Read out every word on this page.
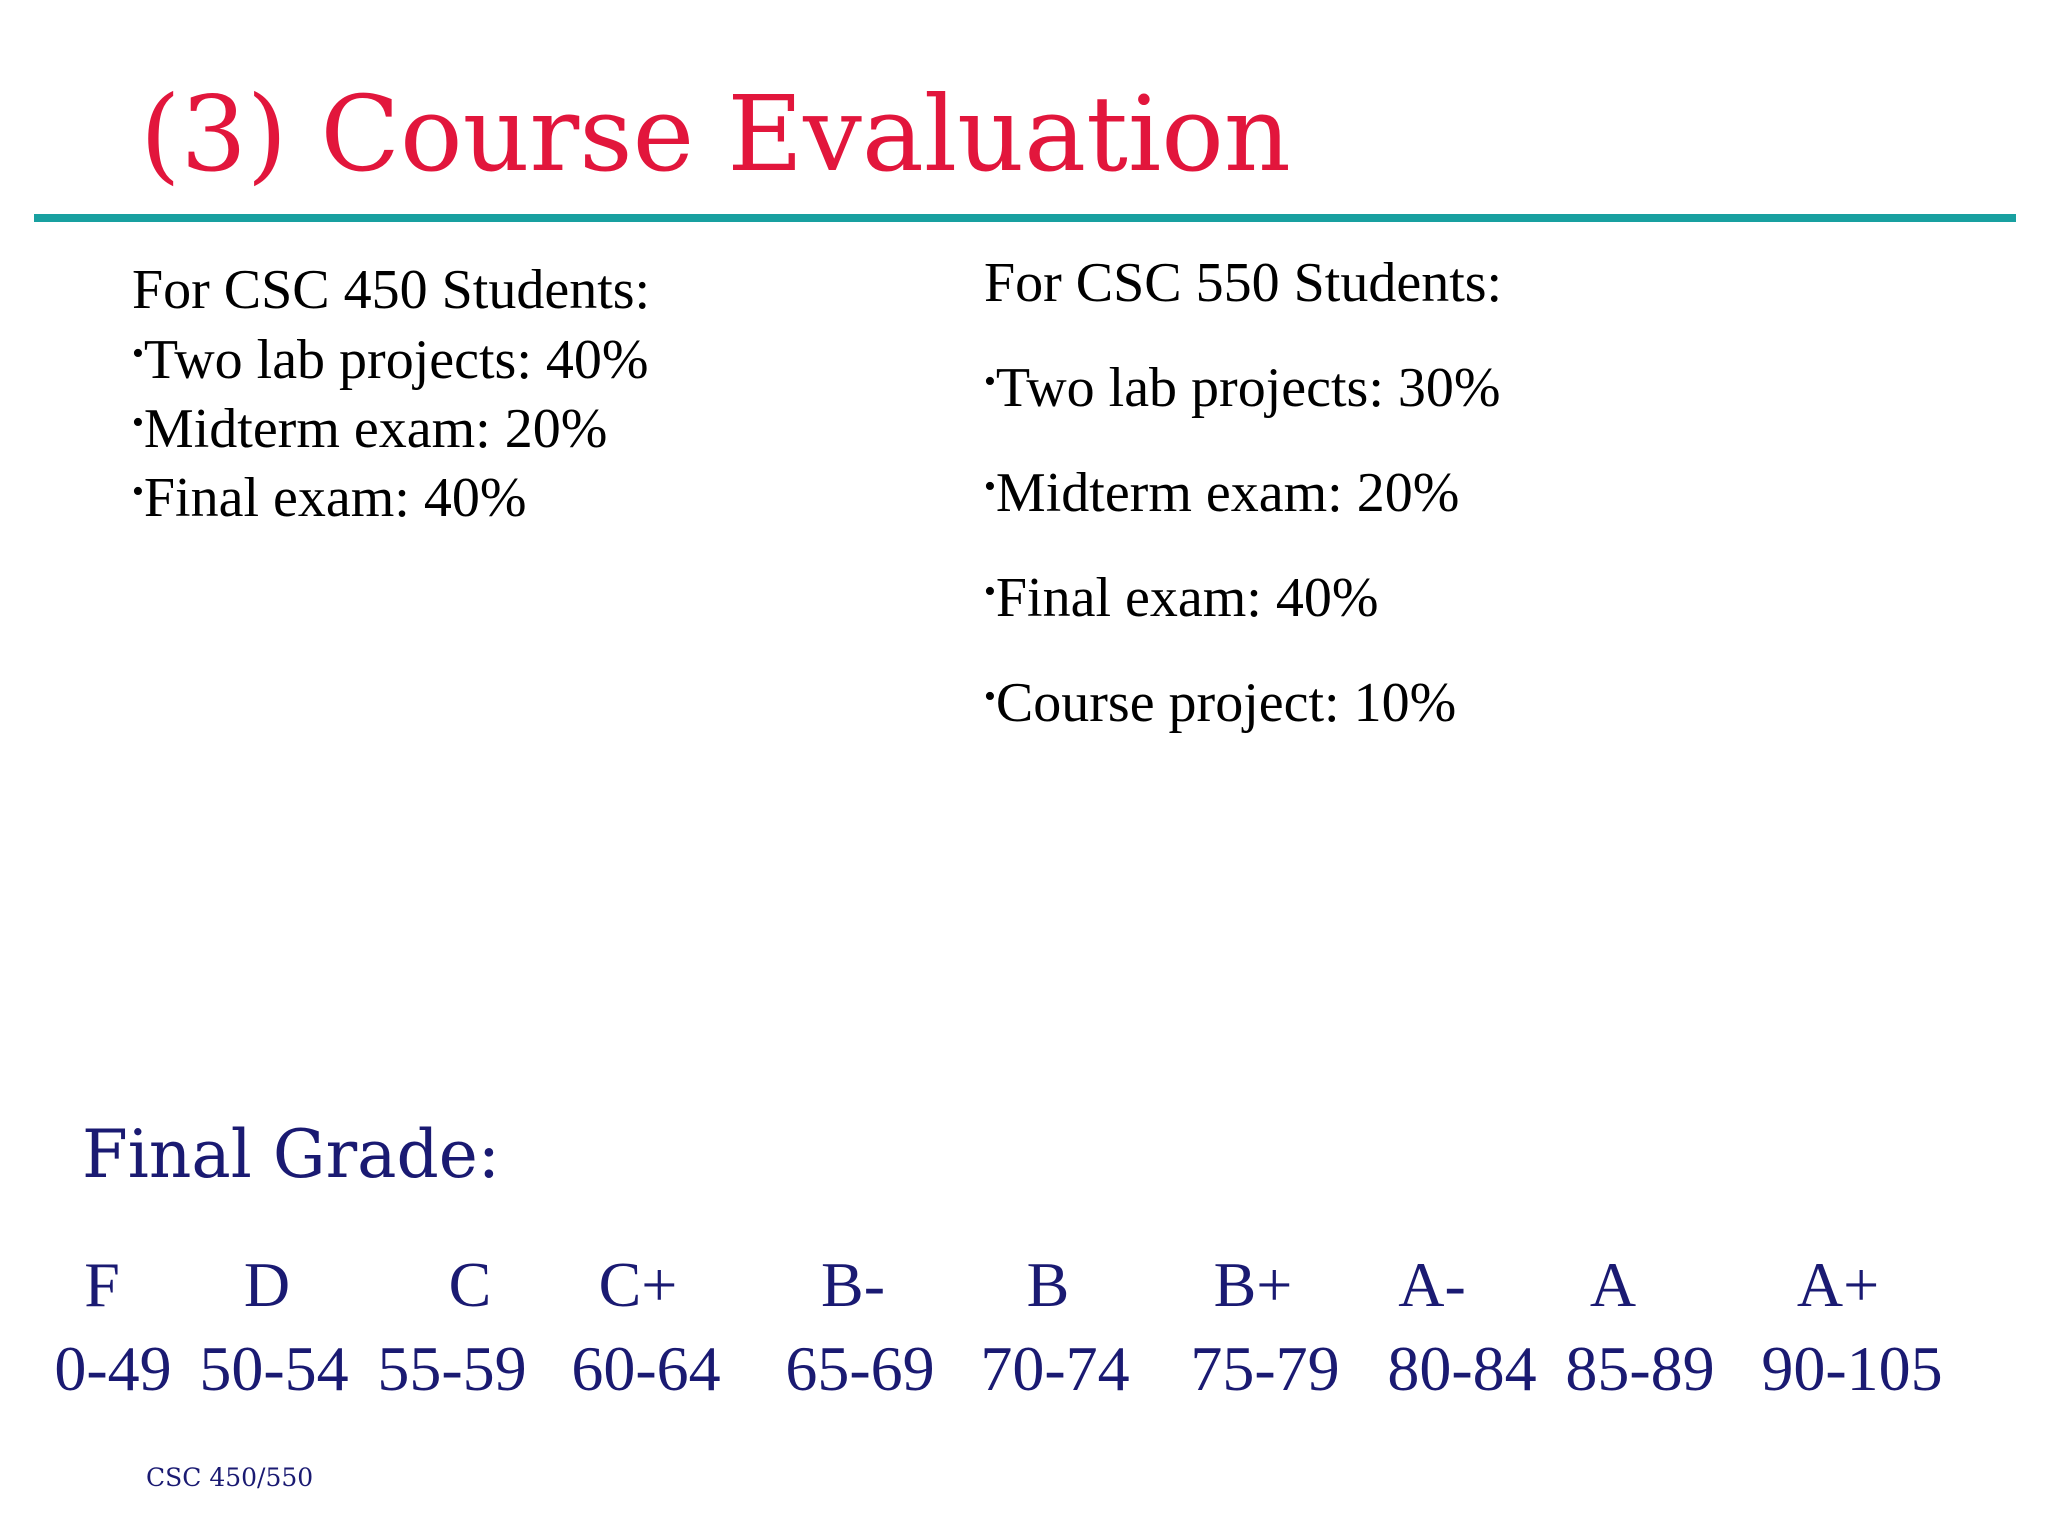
(3) Course Evaluation
For CSC 450 Students:
•Two lab projects: 40%
•Midterm exam: 20%
•Final exam: 40%
For CSC 550 Students:
•Two lab projects: 30%
•Midterm exam: 20%
•Final exam: 40%
•Course project: 10%
Final Grade:
F D C C+ B- B B+ A- A	A+
0-49 50-54 55-59 60-64 65-69 70-74 75-79 80-84 85-89 90-105
CSC 450/550
